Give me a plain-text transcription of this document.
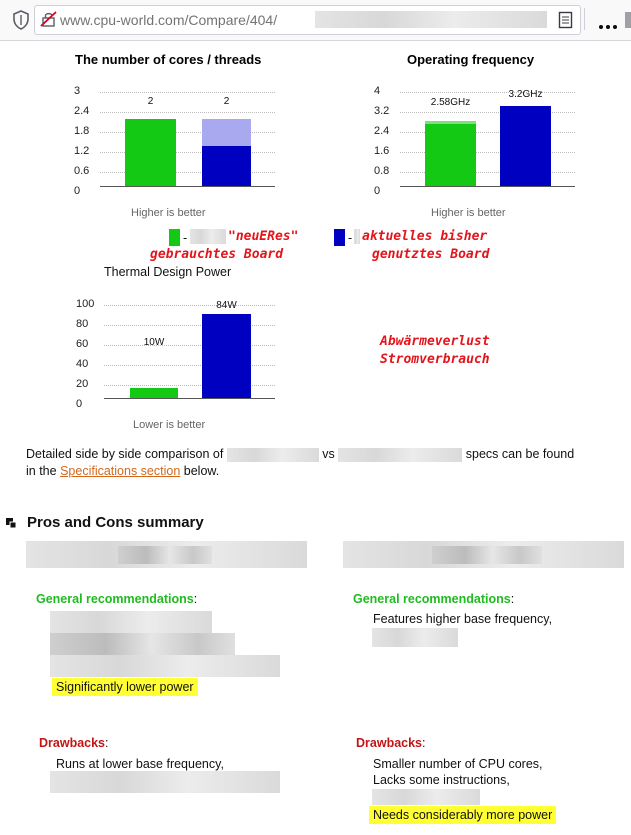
www.cpu-world.com/Compare/404/
The number of cores / threads
3
2.4
1.8
1.2
0.6
0
2	2
Higher is better
Operating frequency
4
3.2
2.4
1.6
0.8
0
2.58GHz
3.2GHz
Higher is better
-	"neuERes"
gebrauchtes Board
- aktuelles bisher
genutztes Board
Thermal Design Power
100
80
60
40
20
0
10W
84W
Lower is better
Abwärmeverlust
Stromverbrauch
Detailed side by side comparison of	vs	specs can be found
in the Specifications section below.
Pros and Cons summary
General recommendations:
Significantly lower power
Drawbacks:
Runs at lower base frequency,
General recommendations:
Features higher base frequency,
Drawbacks:
Smaller number of CPU cores,
Lacks some instructions,
Needs considerably more power
